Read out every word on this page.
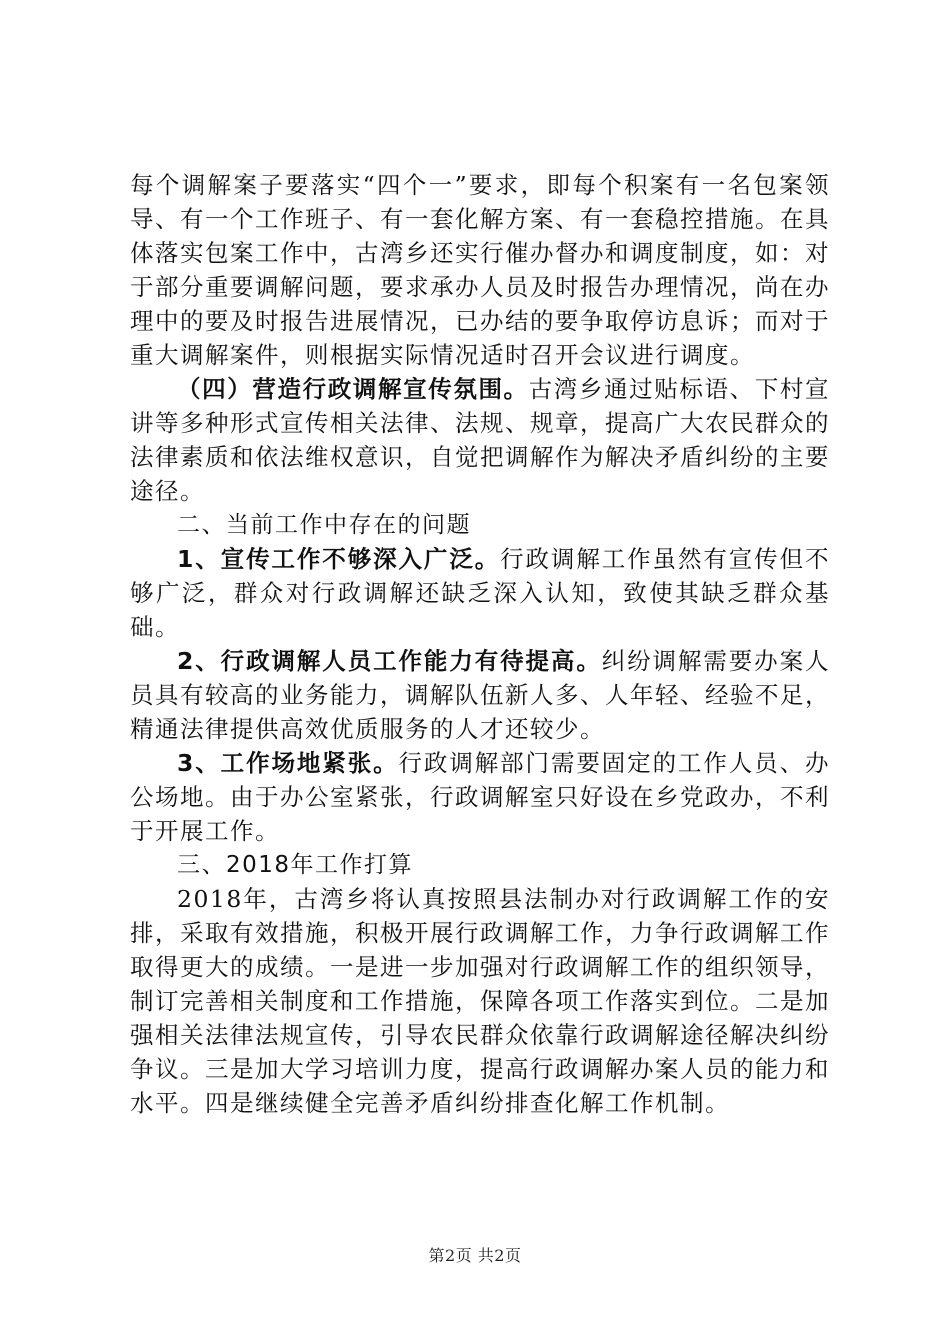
每个调解案子要落实“四个一”要求，即每个积案有一名包案领导、有一个工作班子、有一套化解方案、有一套稳控措施。在具体落实包案工作中，古湾乡还实行催办督办和调度制度，如：对于部分重要调解问题，要求承办人员及时报告办理情况，尚在办理中的要及时报告进展情况，已办结的要争取停访息诉；而对于重大调解案件，则根据实际情况适时召开会议进行调度。

（四）营造行政调解宣传氛围。古湾乡通过贴标语、下村宣讲等多种形式宣传相关法律、法规、规章，提高广大农民群众的法律素质和依法维权意识，自觉把调解作为解决矛盾纠纷的主要途径。

二、当前工作中存在的问题

1、宣传工作不够深入广泛。行政调解工作虽然有宣传但不够广泛，群众对行政调解还缺乏深入认知，致使其缺乏群众基础。

2、行政调解人员工作能力有待提高。纠纷调解需要办案人员具有较高的业务能力，调解队伍新人多、人年轻、经验不足，精通法律提供高效优质服务的人才还较少。

3、工作场地紧张。行政调解部门需要固定的工作人员、办公场地。由于办公室紧张，行政调解室只好设在乡党政办，不利于开展工作。

三、2018年工作打算

2018年，古湾乡将认真按照县法制办对行政调解工作的安排，采取有效措施，积极开展行政调解工作，力争行政调解工作取得更大的成绩。一是进一步加强对行政调解工作的组织领导，制订完善相关制度和工作措施，保障各项工作落实到位。二是加强相关法律法规宣传，引导农民群众依靠行政调解途径解决纠纷争议。三是加大学习培训力度，提高行政调解办案人员的能力和水平。四是继续健全完善矛盾纠纷排查化解工作机制。

第2页 共2页
